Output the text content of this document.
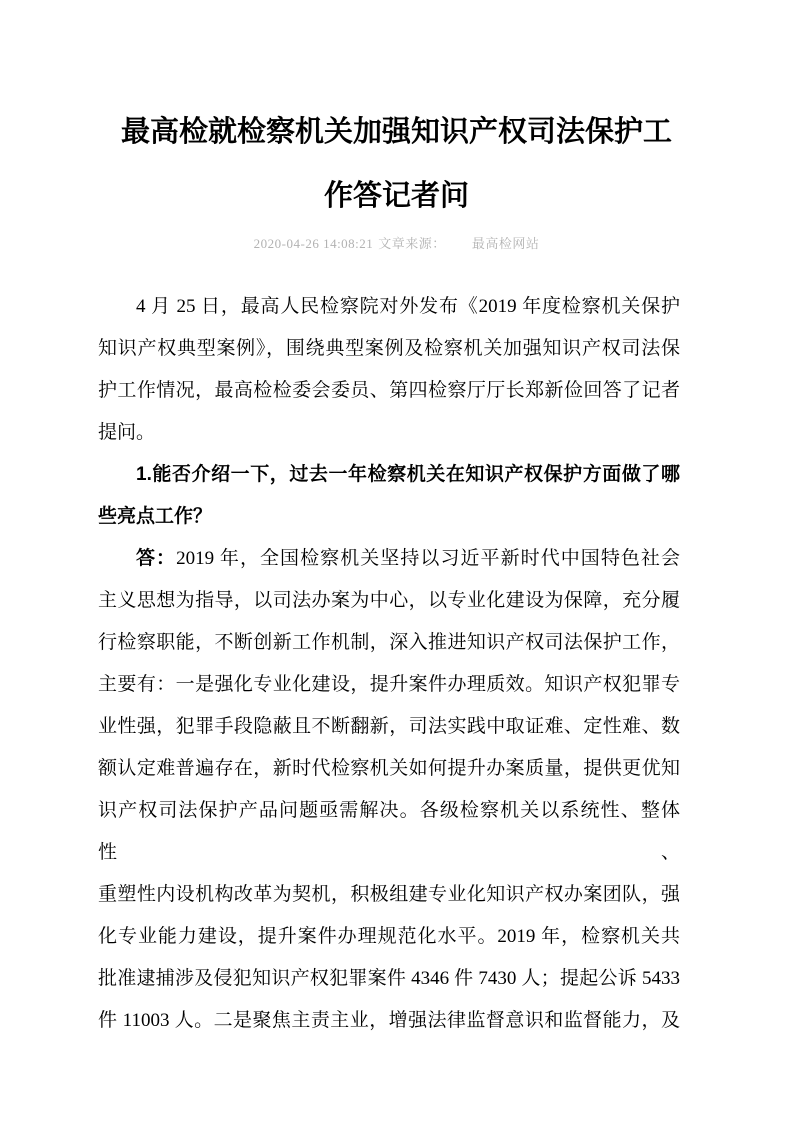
最高检就检察机关加强知识产权司法保护工
作答记者问
2020-04-26 14:08:21 文章来源： 最高检网站
4 月 25 日，最高人民检察院对外发布《2019 年度检察机关保护
知识产权典型案例》，围绕典型案例及检察机关加强知识产权司法保
护工作情况，最高检检委会委员、第四检察厅厅长郑新俭回答了记者
提问。
1.能否介绍一下，过去一年检察机关在知识产权保护方面做了哪
些亮点工作？
答：2019 年，全国检察机关坚持以习近平新时代中国特色社会
主义思想为指导，以司法办案为中心，以专业化建设为保障，充分履
行检察职能，不断创新工作机制，深入推进知识产权司法保护工作，
主要有：一是强化专业化建设，提升案件办理质效。知识产权犯罪专
业性强，犯罪手段隐蔽且不断翻新，司法实践中取证难、定性难、数
额认定难普遍存在，新时代检察机关如何提升办案质量，提供更优知
识产权司法保护产品问题亟需解决。各级检察机关以系统性、整体性、
重塑性内设机构改革为契机，积极组建专业化知识产权办案团队，强
化专业能力建设，提升案件办理规范化水平。2019 年，检察机关共
批准逮捕涉及侵犯知识产权犯罪案件 4346 件 7430 人；提起公诉 5433
件 11003 人。二是聚焦主责主业，增强法律监督意识和监督能力，及
